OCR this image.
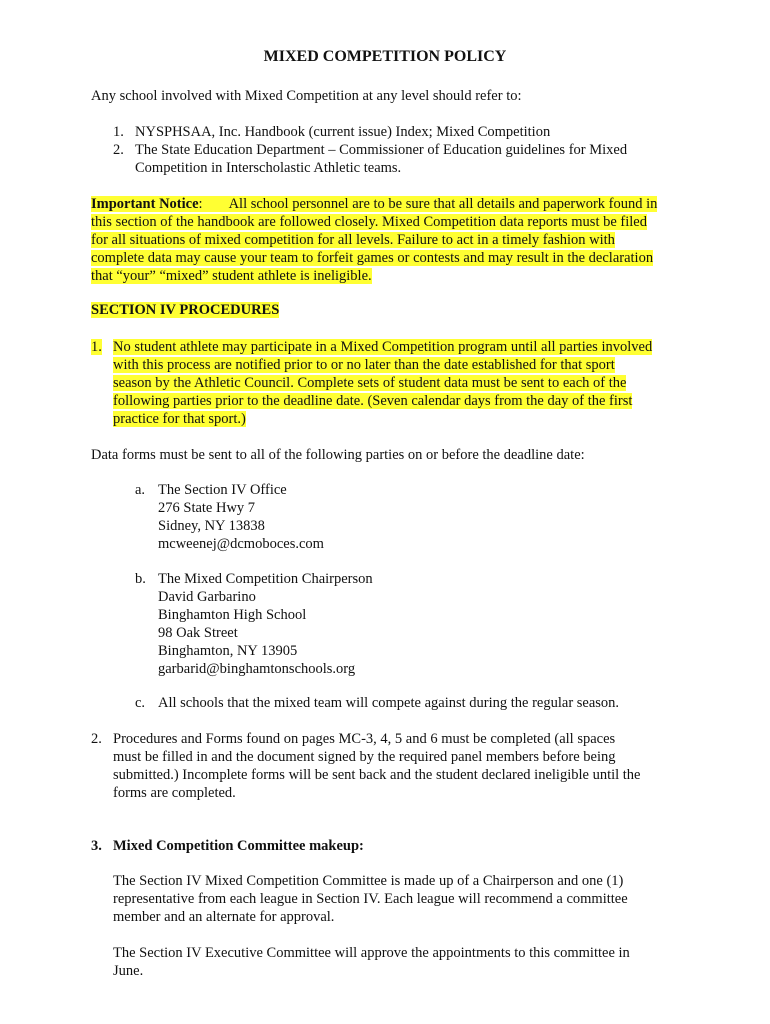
MIXED COMPETITION POLICY
Any school involved with Mixed Competition at any level should refer to:
1. NYSPHSAA, Inc. Handbook (current issue) Index; Mixed Competition
2. The State Education Department – Commissioner of Education guidelines for Mixed
Competition in Interscholastic Athletic teams.
Important Notice: All school personnel are to be sure that all details and paperwork found in
this section of the handbook are followed closely. Mixed Competition data reports must be filed
for all situations of mixed competition for all levels. Failure to act in a timely fashion with
complete data may cause your team to forfeit games or contests and may result in the declaration
that “your” “mixed” student athlete is ineligible.
SECTION IV PROCEDURES
1. No student athlete may participate in a Mixed Competition program until all parties involved
with this process are notified prior to or no later than the date established for that sport
season by the Athletic Council. Complete sets of student data must be sent to each of the
following parties prior to the deadline date. (Seven calendar days from the day of the first
practice for that sport.)
Data forms must be sent to all of the following parties on or before the deadline date:
a. The Section IV Office
276 State Hwy 7
Sidney, NY 13838
mcweenej@dcmoboces.com
b. The Mixed Competition Chairperson
David Garbarino
Binghamton High School
98 Oak Street
Binghamton, NY 13905
garbarid@binghamtonschools.org
c. All schools that the mixed team will compete against during the regular season.
2. Procedures and Forms found on pages MC-3, 4, 5 and 6 must be completed (all spaces
must be filled in and the document signed by the required panel members before being
submitted.) Incomplete forms will be sent back and the student declared ineligible until the
forms are completed.
3. Mixed Competition Committee makeup:
The Section IV Mixed Competition Committee is made up of a Chairperson and one (1)
representative from each league in Section IV. Each league will recommend a committee
member and an alternate for approval.
The Section IV Executive Committee will approve the appointments to this committee in
June.
